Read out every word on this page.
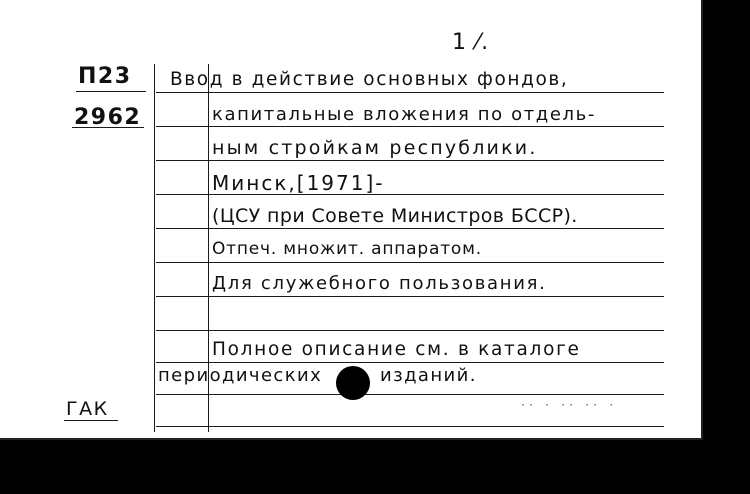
1 ⁄.
П23
2962
Ввод в действие основных фондов,
капитальные вложения по отдель-
ным стройкам республики.
Минск,[1971]-
(ЦСУ при Совете Министров БССР).
Отпеч. множит. аппаратом.
Для служебного пользования.
Полное описание см. в каталоге
периодических	изданий.
ГАК	·· · ·· ·· ·
